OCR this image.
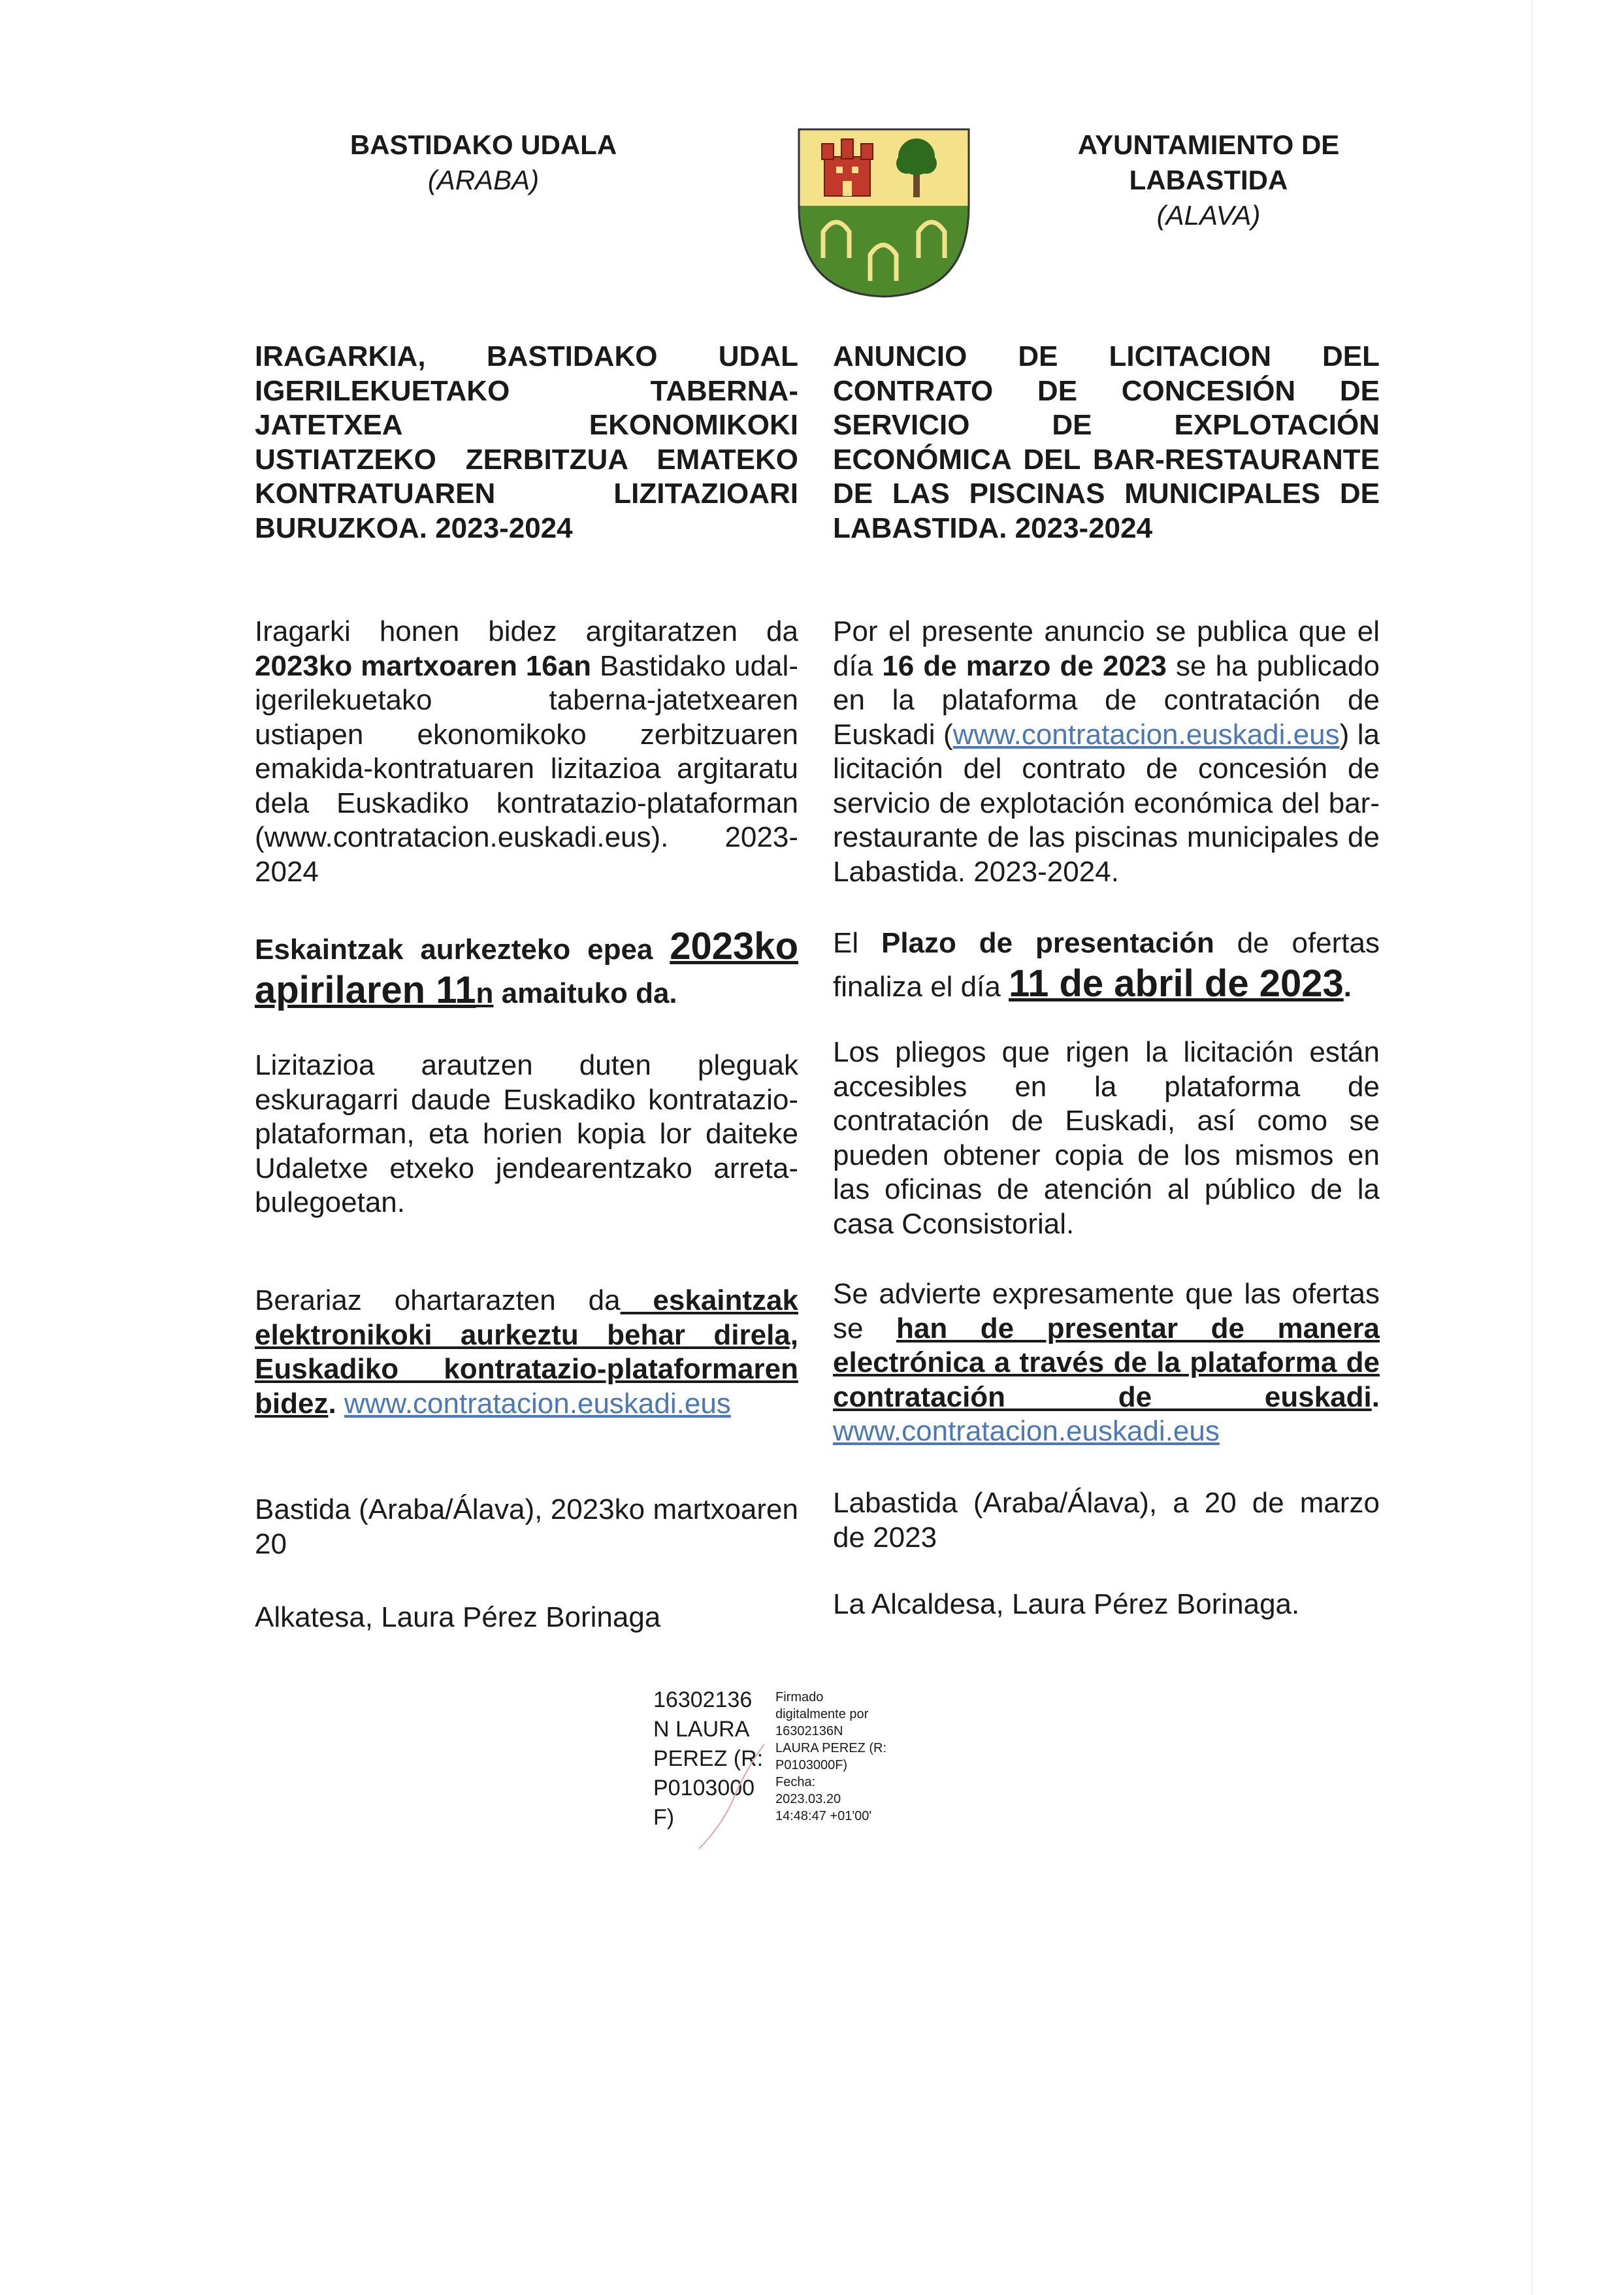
BASTIDAKO UDALA
(ARABA)
AYUNTAMIENTO DE
LABASTIDA
(ALAVA)
IRAGARKIA, BASTIDAKO UDAL IGERILEKUETAKO TABERNA-JATETXEA EKONOMIKOKI USTIATZEKO ZERBITZUA EMATEKO KONTRATUAREN LIZITAZIOARI BURUZKOA. 2023-2024
Iragarki honen bidez argitaratzen da 2023ko martxoaren 16an Bastidako udal-igerilekuetako taberna-jatetxearen ustiapen ekonomikoko zerbitzuaren emakida-kontratuaren lizitazioa argitaratu dela Euskadiko kontratazio-plataforman (www.contratacion.euskadi.eus). 2023-2024
Eskaintzak aurkezteko epea 2023ko apirilaren 11n amaituko da.
Lizitazioa arautzen duten pleguak eskuragarri daude Euskadiko kontratazio-plataforman, eta horien kopia lor daiteke Udaletxe etxeko jendearentzako arreta-bulegoetan.
Berariaz ohartarazten da eskaintzak elektronikoki aurkeztu behar direla, Euskadiko kontratazio-plataformaren bidez. www.contratacion.euskadi.eus
Bastida (Araba/Álava), 2023ko martxoaren 20
Alkatesa, Laura Pérez Borinaga
ANUNCIO DE LICITACION DEL CONTRATO DE CONCESIÓN DE SERVICIO DE EXPLOTACIÓN ECONÓMICA DEL BAR-RESTAURANTE DE LAS PISCINAS MUNICIPALES DE LABASTIDA. 2023-2024
Por el presente anuncio se publica que el día 16 de marzo de 2023 se ha publicado en la plataforma de contratación de Euskadi (www.contratacion.euskadi.eus) la licitación del contrato de concesión de servicio de explotación económica del bar-restaurante de las piscinas municipales de Labastida. 2023-2024.
El Plazo de presentación de ofertas finaliza el día 11 de abril de 2023.
Los pliegos que rigen la licitación están accesibles en la plataforma de contratación de Euskadi, así como se pueden obtener copia de los mismos en las oficinas de atención al público de la casa Cconsistorial.
Se advierte expresamente que las ofertas se han de presentar de manera electrónica a través de la plataforma de contratación de euskadi. www.contratacion.euskadi.eus
Labastida (Araba/Álava), a 20 de marzo de 2023
La Alcaldesa, Laura Pérez Borinaga.
16302136
N LAURA
PEREZ (R:
P0103000
F)
Firmado
digitalmente por
16302136N
LAURA PEREZ (R:
P0103000F)
Fecha:
2023.03.20
14:48:47 +01'00'
